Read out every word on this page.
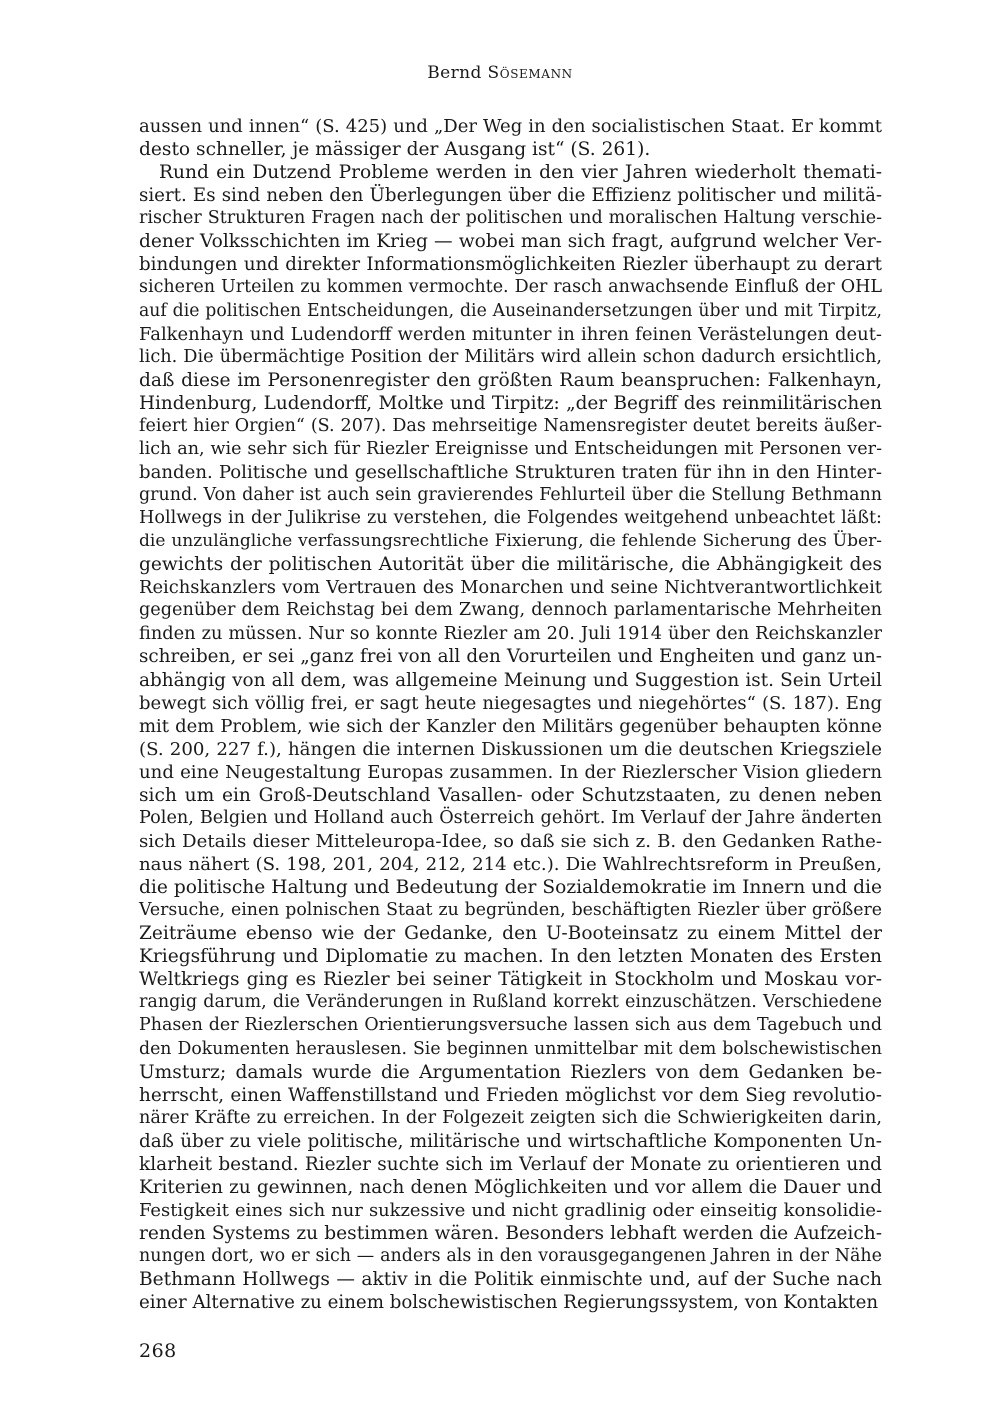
Bernd Sösemann
aussen und innen“ (S. 425) und „Der Weg in den socialistischen Staat. Er kommt
desto schneller, je mässiger der Ausgang ist“ (S. 261).
Rund ein Dutzend Probleme werden in den vier Jahren wiederholt themati-
siert. Es sind neben den Überlegungen über die Effizienz politischer und militä-
rischer Strukturen Fragen nach der politischen und moralischen Haltung verschie-
dener Volksschichten im Krieg — wobei man sich fragt, aufgrund welcher Ver-
bindungen und direkter Informationsmöglichkeiten Riezler überhaupt zu derart
sicheren Urteilen zu kommen vermochte. Der rasch anwachsende Einfluß der OHL
auf die politischen Entscheidungen, die Auseinandersetzungen über und mit Tirpitz,
Falkenhayn und Ludendorff werden mitunter in ihren feinen Verästelungen deut-
lich. Die übermächtige Position der Militärs wird allein schon dadurch ersichtlich,
daß diese im Personenregister den größten Raum beanspruchen: Falkenhayn,
Hindenburg, Ludendorff, Moltke und Tirpitz: „der Begriff des reinmilitärischen
feiert hier Orgien“ (S. 207). Das mehrseitige Namensregister deutet bereits äußer-
lich an, wie sehr sich für Riezler Ereignisse und Entscheidungen mit Personen ver-
banden. Politische und gesellschaftliche Strukturen traten für ihn in den Hinter-
grund. Von daher ist auch sein gravierendes Fehlurteil über die Stellung Bethmann
Hollwegs in der Julikrise zu verstehen, die Folgendes weitgehend unbeachtet läßt:
die unzulängliche verfassungsrechtliche Fixierung, die fehlende Sicherung des Über-
gewichts der politischen Autorität über die militärische, die Abhängigkeit des
Reichskanzlers vom Vertrauen des Monarchen und seine Nichtverantwortlichkeit
gegenüber dem Reichstag bei dem Zwang, dennoch parlamentarische Mehrheiten
finden zu müssen. Nur so konnte Riezler am 20. Juli 1914 über den Reichskanzler
schreiben, er sei „ganz frei von all den Vorurteilen und Engheiten und ganz un-
abhängig von all dem, was allgemeine Meinung und Suggestion ist. Sein Urteil
bewegt sich völlig frei, er sagt heute niegesagtes und niegehörtes“ (S. 187). Eng
mit dem Problem, wie sich der Kanzler den Militärs gegenüber behaupten könne
(S. 200, 227 f.), hängen die internen Diskussionen um die deutschen Kriegsziele
und eine Neugestaltung Europas zusammen. In der Riezlerscher Vision gliedern
sich um ein Groß-Deutschland Vasallen- oder Schutzstaaten, zu denen neben
Polen, Belgien und Holland auch Österreich gehört. Im Verlauf der Jahre änderten
sich Details dieser Mitteleuropa-Idee, so daß sie sich z. B. den Gedanken Rathe-
naus nähert (S. 198, 201, 204, 212, 214 etc.). Die Wahlrechtsreform in Preußen,
die politische Haltung und Bedeutung der Sozialdemokratie im Innern und die
Versuche, einen polnischen Staat zu begründen, beschäftigten Riezler über größere
Zeiträume ebenso wie der Gedanke, den U-Booteinsatz zu einem Mittel der
Kriegsführung und Diplomatie zu machen. In den letzten Monaten des Ersten
Weltkriegs ging es Riezler bei seiner Tätigkeit in Stockholm und Moskau vor-
rangig darum, die Veränderungen in Rußland korrekt einzuschätzen. Verschiedene
Phasen der Riezlerschen Orientierungsversuche lassen sich aus dem Tagebuch und
den Dokumenten herauslesen. Sie beginnen unmittelbar mit dem bolschewistischen
Umsturz; damals wurde die Argumentation Riezlers von dem Gedanken be-
herrscht, einen Waffenstillstand und Frieden möglichst vor dem Sieg revolutio-
närer Kräfte zu erreichen. In der Folgezeit zeigten sich die Schwierigkeiten darin,
daß über zu viele politische, militärische und wirtschaftliche Komponenten Un-
klarheit bestand. Riezler suchte sich im Verlauf der Monate zu orientieren und
Kriterien zu gewinnen, nach denen Möglichkeiten und vor allem die Dauer und
Festigkeit eines sich nur sukzessive und nicht gradlinig oder einseitig konsolidie-
renden Systems zu bestimmen wären. Besonders lebhaft werden die Aufzeich-
nungen dort, wo er sich — anders als in den vorausgegangenen Jahren in der Nähe
Bethmann Hollwegs — aktiv in die Politik einmischte und, auf der Suche nach
einer Alternative zu einem bolschewistischen Regierungssystem, von Kontakten
268
